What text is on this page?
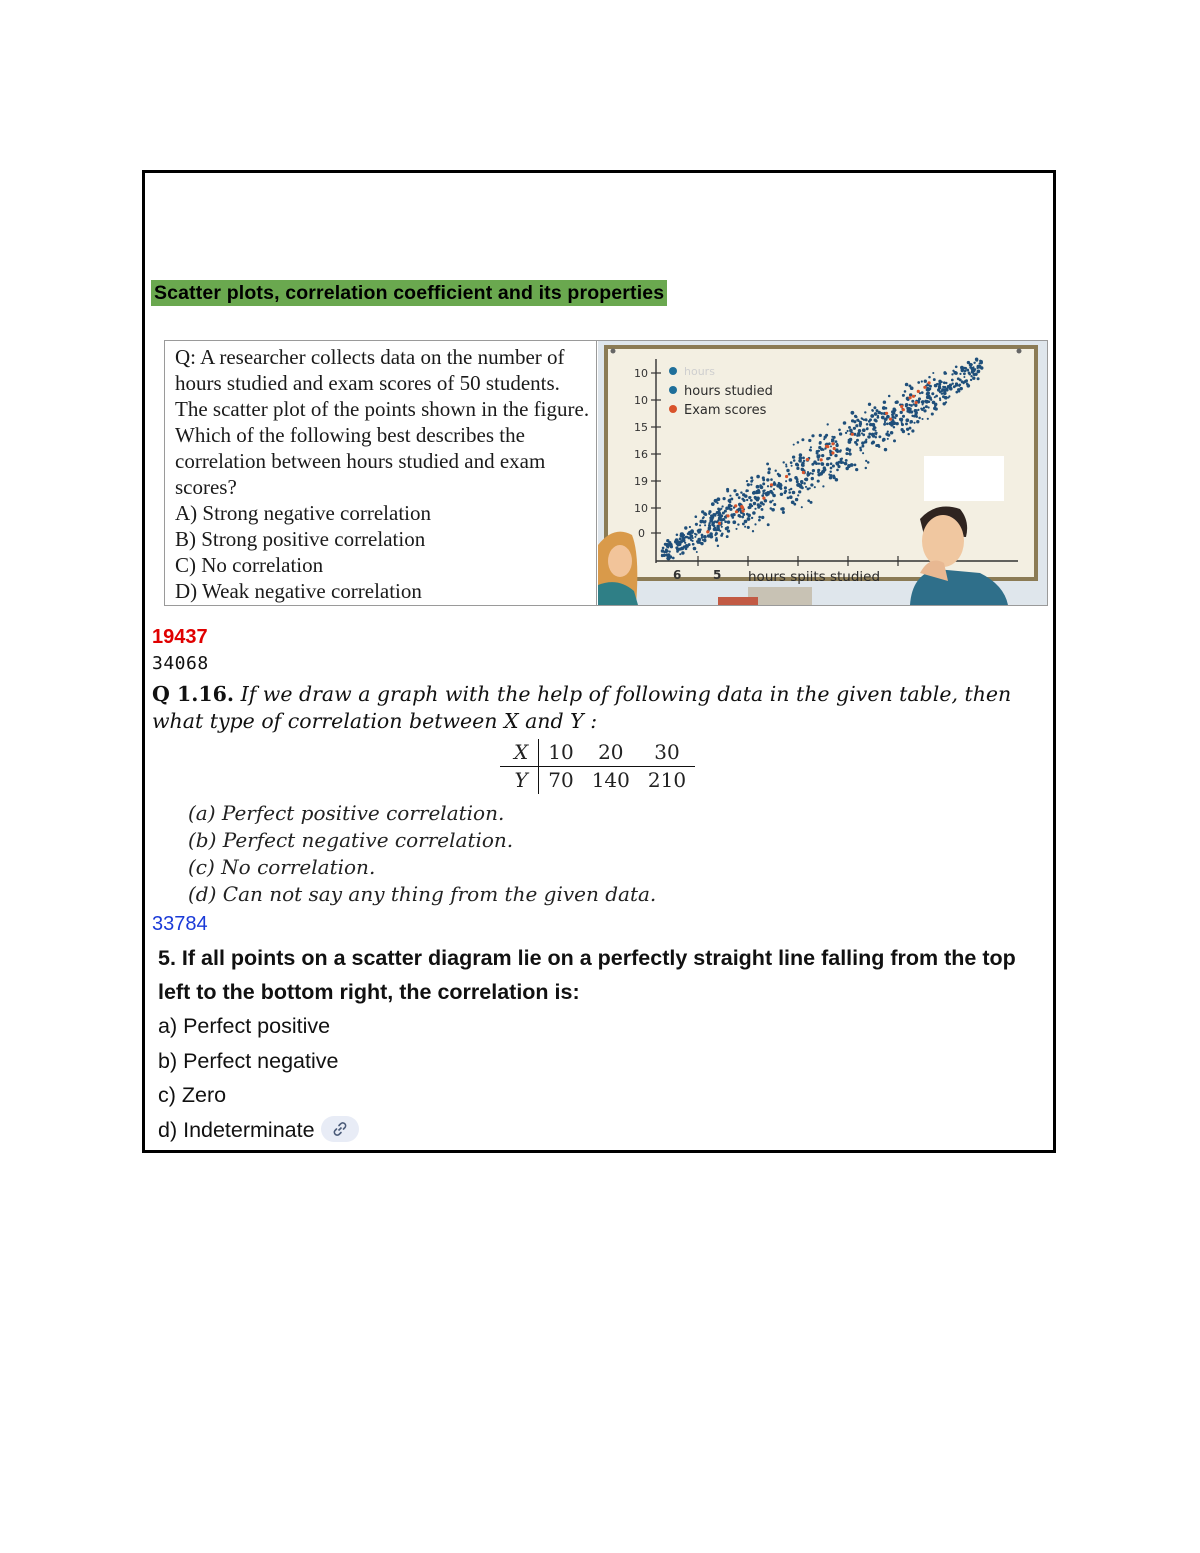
Scatter plots, correlation coefficient and its properties
Q: A researcher collects data on the number of hours studied and exam scores of 50 students. The scatter plot of the points shown in the figure. Which of the following best describes the correlation between hours studied and exam scores?
A) Strong negative correlation
B) Strong positive correlation
C) No correlation
D) Weak negative correlation
10
10
15
16
19
10
0
hours
hours studied
Exam scores
6	5 hours spiits studied
19437
34068
Q 1.16. If we draw a graph with the help of following data in the given table, then what type of correlation between X and Y :
X	10	20	30
Y	70	140	210
(a) Perfect positive correlation.
(b) Perfect negative correlation.
(c) No correlation.
(d) Can not say any thing from the given data.
33784
5. If all points on a scatter diagram lie on a perfectly straight line falling from the top left to the bottom right, the correlation is:
a) Perfect positive
b) Perfect negative
c) Zero
d) Indeterminate
